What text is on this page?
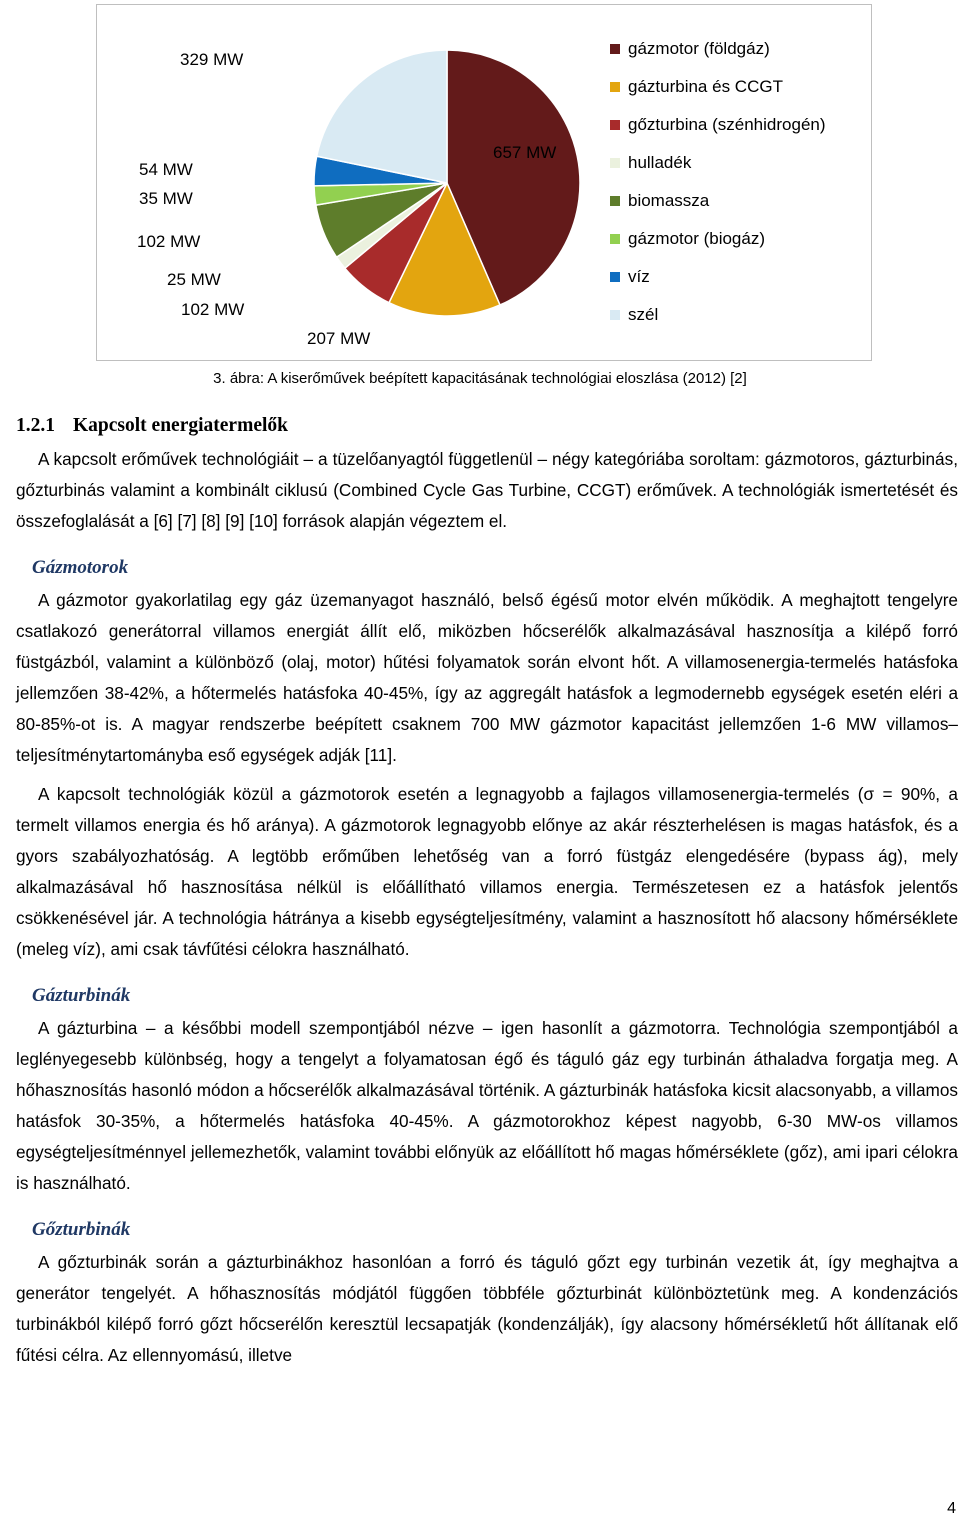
329 MW
657 MW
54 MW
35 MW
102 MW
25 MW
102 MW
207 MW
gázmotor (földgáz)
gázturbina és CCGT
gőzturbina (szénhidrogén)
hulladék
biomassza
gázmotor (biogáz)
víz
szél
3. ábra: A kiserőművek beépített kapacitásának technológiai eloszlása (2012) [2]
1.2.1 Kapcsolt energiatermelők

A kapcsolt erőművek technológiáit – a tüzelőanyagtól függetlenül – négy kategóriába soroltam: gázmotoros, gázturbinás, gőzturbinás valamint a kombinált ciklusú (Combined Cycle Gas Turbine, CCGT) erőművek. A technológiák ismertetését és összefoglalását a [6] [7] [8] [9] [10] források alapján végeztem el.

Gázmotorok

A gázmotor gyakorlatilag egy gáz üzemanyagot használó, belső égésű motor elvén működik. A meghajtott tengelyre csatlakozó generátorral villamos energiát állít elő, miközben hőcserélők alkalmazásával hasznosítja a kilépő forró füstgázból, valamint a különböző (olaj, motor) hűtési folyamatok során elvont hőt. A villamosenergia-termelés hatásfoka jellemzően 38-42%, a hőtermelés hatásfoka 40-45%, így az aggregált hatásfok a legmodernebb egységek esetén eléri a 80-85%-ot is. A magyar rendszerbe beépített csaknem 700 MW gázmotor kapacitást jellemzően 1-6 MW villamos–teljesítménytartományba eső egységek adják [11].

A kapcsolt technológiák közül a gázmotorok esetén a legnagyobb a fajlagos villamosenergia-termelés (σ = 90%, a termelt villamos energia és hő aránya). A gázmotorok legnagyobb előnye az akár részterhelésen is magas hatásfok, és a gyors szabályozhatóság. A legtöbb erőműben lehetőség van a forró füstgáz elengedésére (bypass ág), mely alkalmazásával hő hasznosítása nélkül is előállítható villamos energia. Természetesen ez a hatásfok jelentős csökkenésével jár. A technológia hátránya a kisebb egységteljesítmény, valamint a hasznosított hő alacsony hőmérséklete (meleg víz), ami csak távfűtési célokra használható.

Gázturbinák

A gázturbina – a későbbi modell szempontjából nézve – igen hasonlít a gázmotorra. Technológia szempontjából a leglényegesebb különbség, hogy a tengelyt a folyamatosan égő és táguló gáz egy turbinán áthaladva forgatja meg. A hőhasznosítás hasonló módon a hőcserélők alkalmazásával történik. A gázturbinák hatásfoka kicsit alacsonyabb, a villamos hatásfok 30-35%, a hőtermelés hatásfoka 40-45%. A gázmotorokhoz képest nagyobb, 6-30 MW-os villamos egységteljesítménnyel jellemezhetők, valamint további előnyük az előállított hő magas hőmérséklete (gőz), ami ipari célokra is használható.

Gőzturbinák

A gőzturbinák során a gázturbinákhoz hasonlóan a forró és táguló gőzt egy turbinán vezetik át, így meghajtva a generátor tengelyét. A hőhasznosítás módjától függően többféle gőzturbinát különböztetünk meg. A kondenzációs turbinákból kilépő forró gőzt hőcserélőn keresztül lecsapatják (kondenzálják), így alacsony hőmérsékletű hőt állítanak elő fűtési célra. Az ellennyomású, illetve

4
